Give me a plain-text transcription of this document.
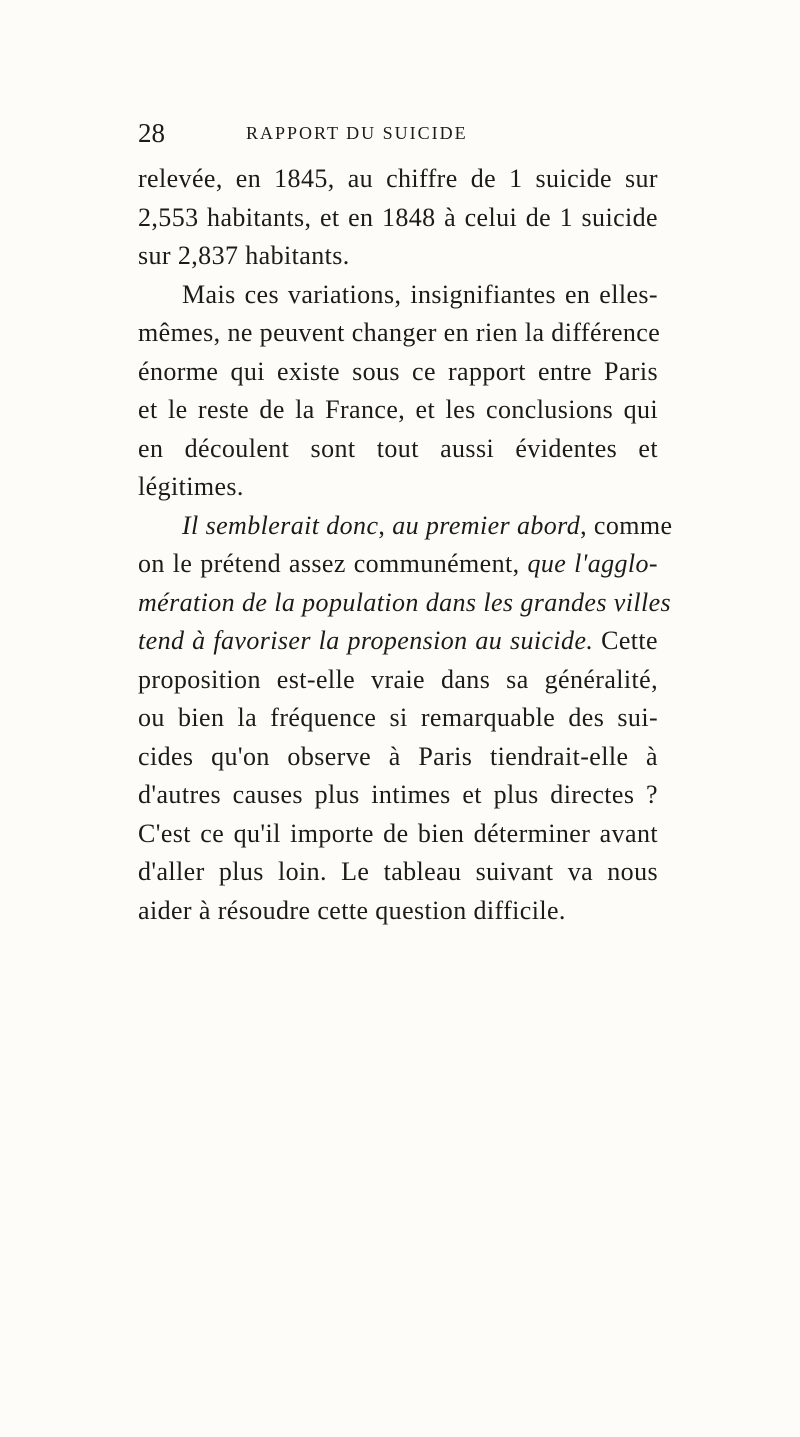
28	RAPPORT DU SUICIDE
relevée, en 1845, au chiffre de 1 suicide sur
2,553 habitants, et en 1848 à celui de 1 suicide
sur 2,837 habitants.
Mais ces variations, insignifiantes en elles-
mêmes, ne peuvent changer en rien la différence
énorme qui existe sous ce rapport entre Paris
et le reste de la France, et les conclusions qui
en découlent sont tout aussi évidentes et
légitimes.
Il semblerait donc, au premier abord, comme
on le prétend assez communément, que l'agglo-
mération de la population dans les grandes villes
tend à favoriser la propension au suicide. Cette
proposition est-elle vraie dans sa généralité,
ou bien la fréquence si remarquable des sui-
cides qu'on observe à Paris tiendrait-elle à
d'autres causes plus intimes et plus directes ?
C'est ce qu'il importe de bien déterminer avant
d'aller plus loin. Le tableau suivant va nous
aider à résoudre cette question difficile.
